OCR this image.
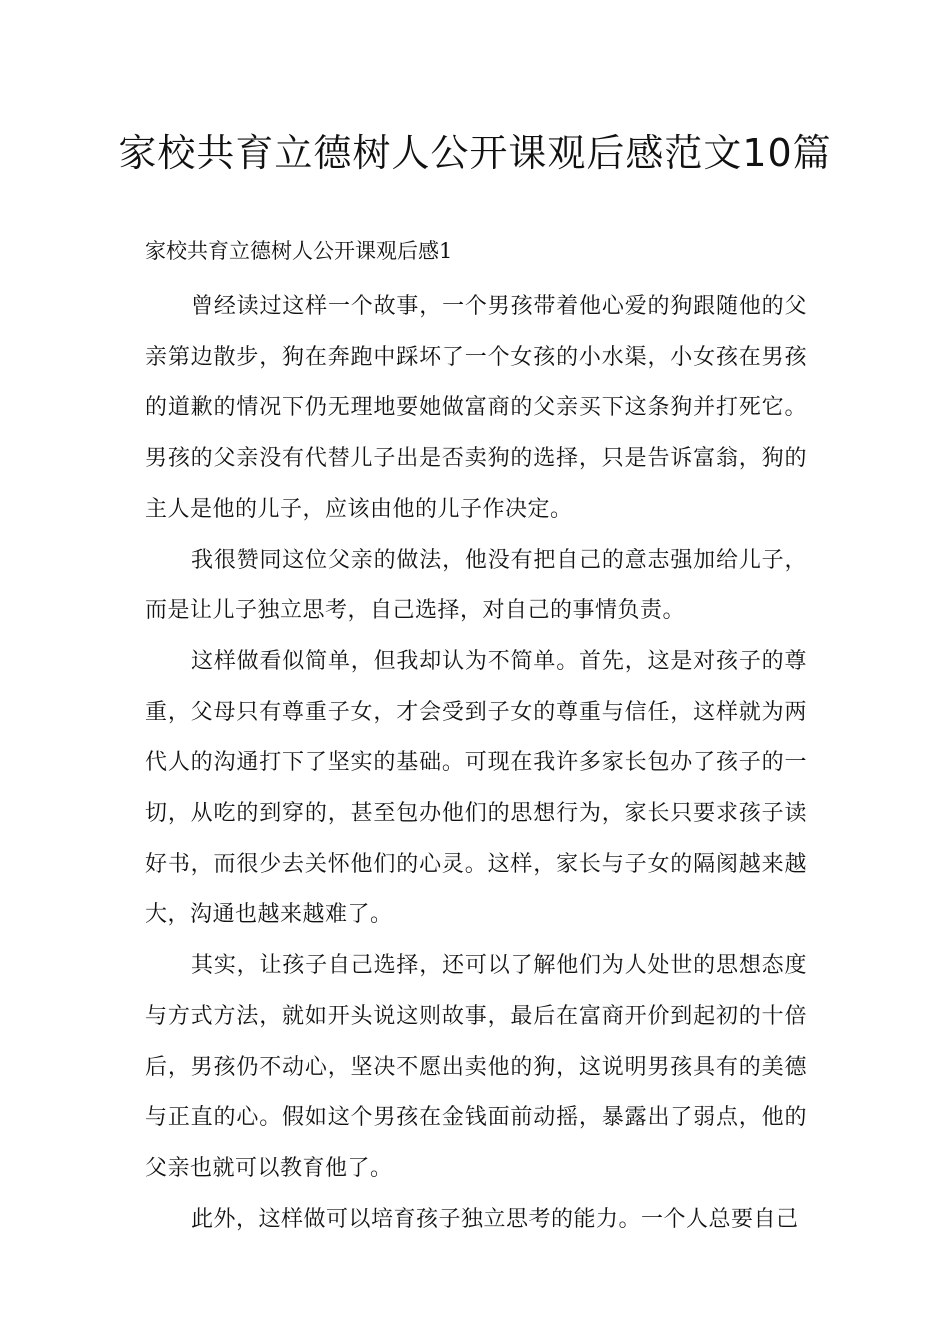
家校共育立德树人公开课观后感范文10篇

家校共育立德树人公开课观后感1

曾经读过这样一个故事，一个男孩带着他心爱的狗跟随他的父亲第边散步，狗在奔跑中踩坏了一个女孩的小水渠，小女孩在男孩的道歉的情况下仍无理地要她做富商的父亲买下这条狗并打死它。男孩的父亲没有代替儿子出是否卖狗的选择，只是告诉富翁，狗的主人是他的儿子，应该由他的儿子作决定。

我很赞同这位父亲的做法，他没有把自己的意志强加给儿子，而是让儿子独立思考，自己选择，对自己的事情负责。

这样做看似简单，但我却认为不简单。首先，这是对孩子的尊重，父母只有尊重子女，才会受到子女的尊重与信任，这样就为两代人的沟通打下了坚实的基础。可现在我许多家长包办了孩子的一切，从吃的到穿的，甚至包办他们的思想行为，家长只要求孩子读好书，而很少去关怀他们的心灵。这样，家长与子女的隔阂越来越大，沟通也越来越难了。

其实，让孩子自己选择，还可以了解他们为人处世的思想态度与方式方法，就如开头说这则故事，最后在富商开价到起初的十倍后，男孩仍不动心，坚决不愿出卖他的狗，这说明男孩具有的美德与正直的心。假如这个男孩在金钱面前动摇，暴露出了弱点，他的父亲也就可以教育他了。

此外，这样做可以培育孩子独立思考的能力。一个人总要自己
